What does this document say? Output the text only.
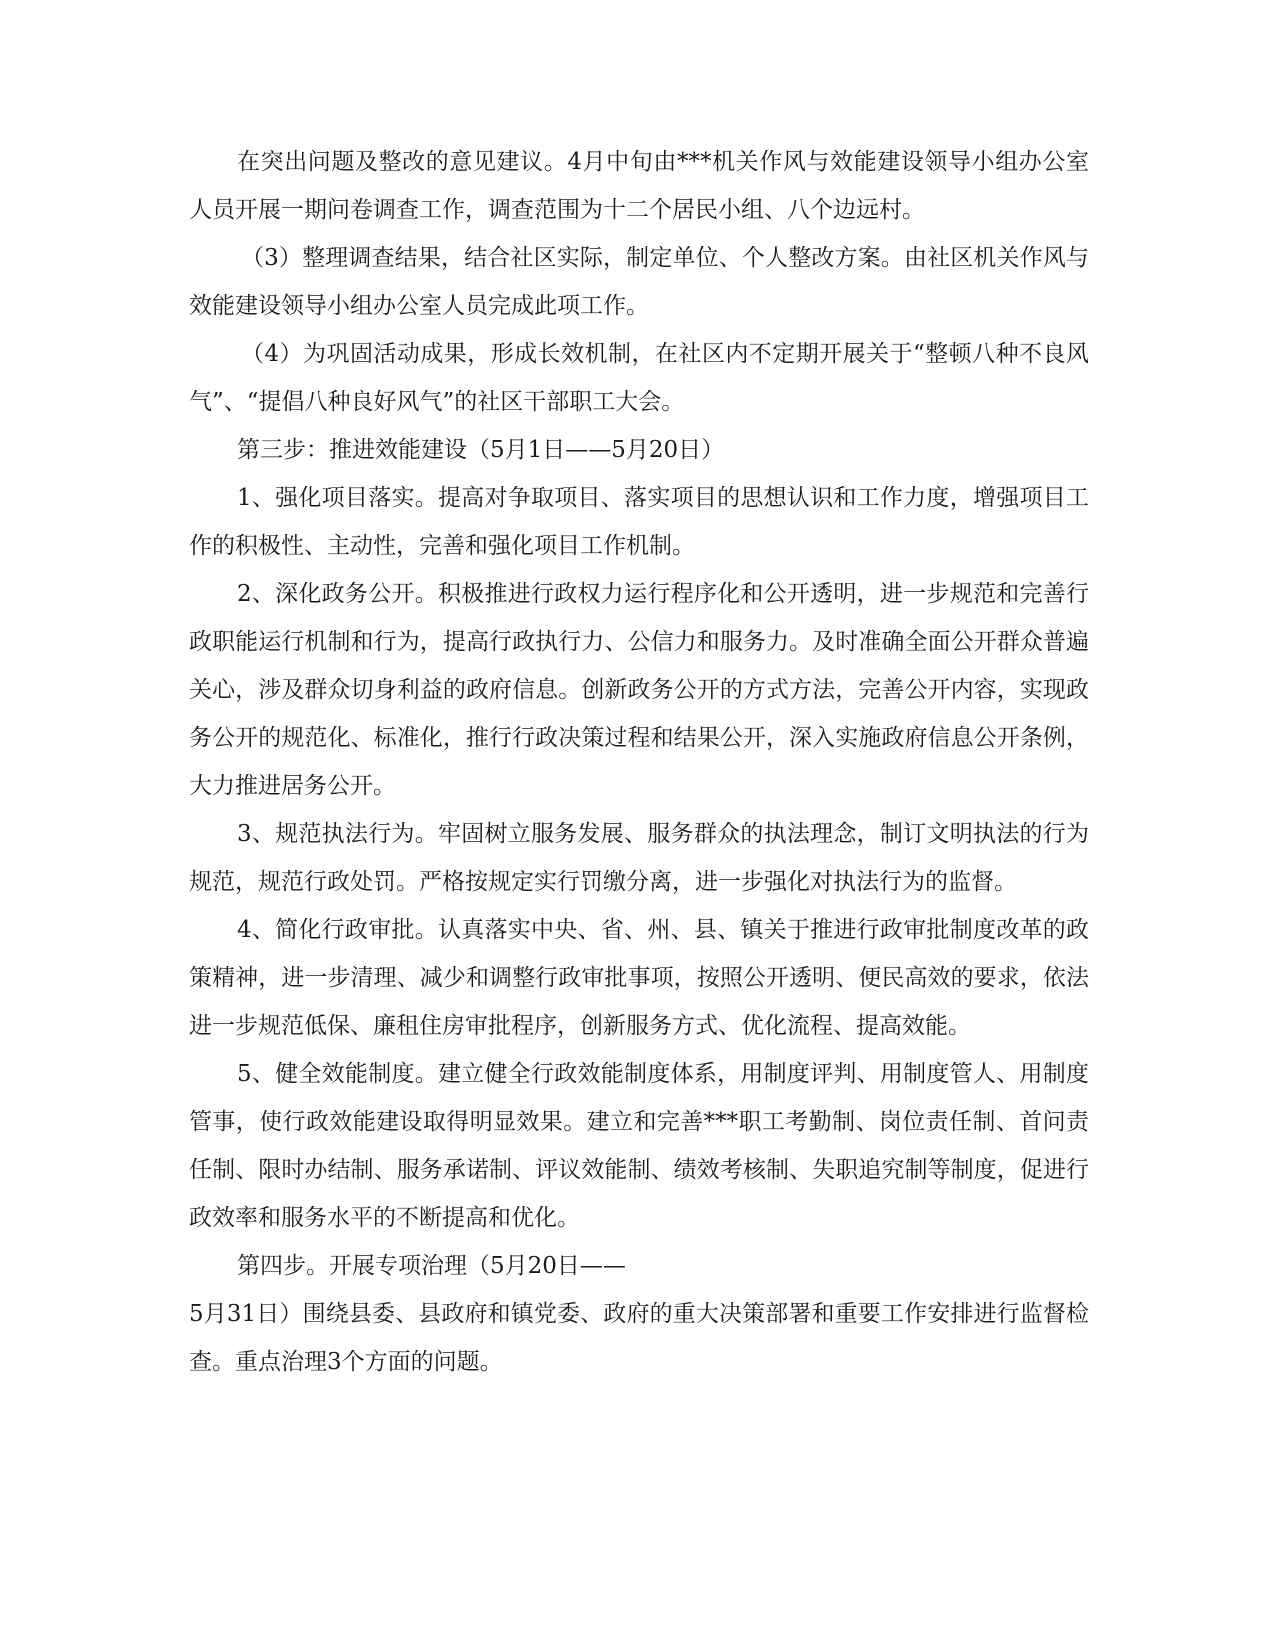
在突出问题及整改的意见建议。4月中旬由***机关作风与效能建设领导小组办公室人员开展一期问卷调查工作，调查范围为十二个居民小组、八个边远村。

（3）整理调查结果，结合社区实际，制定单位、个人整改方案。由社区机关作风与效能建设领导小组办公室人员完成此项工作。

（4）为巩固活动成果，形成长效机制，在社区内不定期开展关于“整顿八种不良风气”、“提倡八种良好风气”的社区干部职工大会。

第三步：推进效能建设（5月1日——5月20日）

1、强化项目落实。提高对争取项目、落实项目的思想认识和工作力度，增强项目工作的积极性、主动性，完善和强化项目工作机制。

2、深化政务公开。积极推进行政权力运行程序化和公开透明，进一步规范和完善行政职能运行机制和行为，提高行政执行力、公信力和服务力。及时准确全面公开群众普遍关心，涉及群众切身利益的政府信息。创新政务公开的方式方法，完善公开内容，实现政务公开的规范化、标准化，推行行政决策过程和结果公开，深入实施政府信息公开条例，大力推进居务公开。

3、规范执法行为。牢固树立服务发展、服务群众的执法理念，制订文明执法的行为规范，规范行政处罚。严格按规定实行罚缴分离，进一步强化对执法行为的监督。

4、简化行政审批。认真落实中央、省、州、县、镇关于推进行政审批制度改革的政策精神，进一步清理、减少和调整行政审批事项，按照公开透明、便民高效的要求，依法进一步规范低保、廉租住房审批程序，创新服务方式、优化流程、提高效能。

5、健全效能制度。建立健全行政效能制度体系，用制度评判、用制度管人、用制度管事，使行政效能建设取得明显效果。建立和完善***职工考勤制、岗位责任制、首问责任制、限时办结制、服务承诺制、评议效能制、绩效考核制、失职追究制等制度，促进行政效率和服务水平的不断提高和优化。

第四步。开展专项治理（5月20日——

5月31日）围绕县委、县政府和镇党委、政府的重大决策部署和重要工作安排进行监督检查。重点治理3个方面的问题。
